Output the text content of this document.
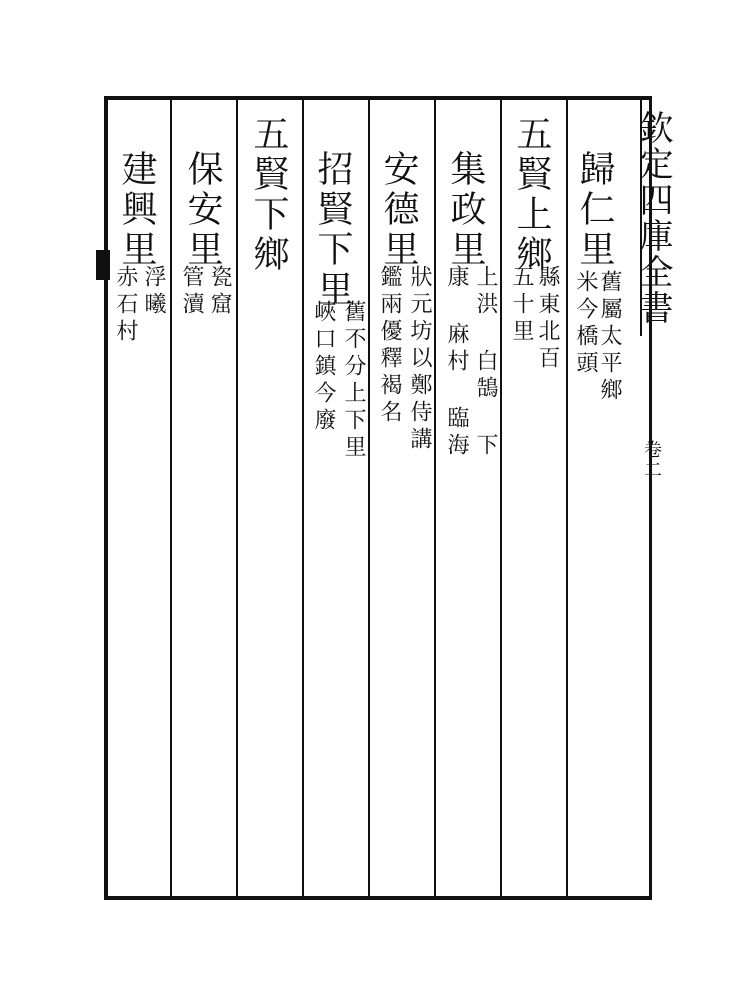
欽定四庫全書
卷二
歸仁里
舊屬太平鄉
米今橋頭
五賢上鄉
縣東北百
五十里
集政里
上洪 白鵠 下
康 麻村 臨海
安德里
狀元坊以鄭侍講
鑑兩優釋褐名
招賢下里
舊不分上下里
峽口鎮今廢
五賢下鄉
保安里
瓷窟
管瀆
建興里
浮曦
赤石村
